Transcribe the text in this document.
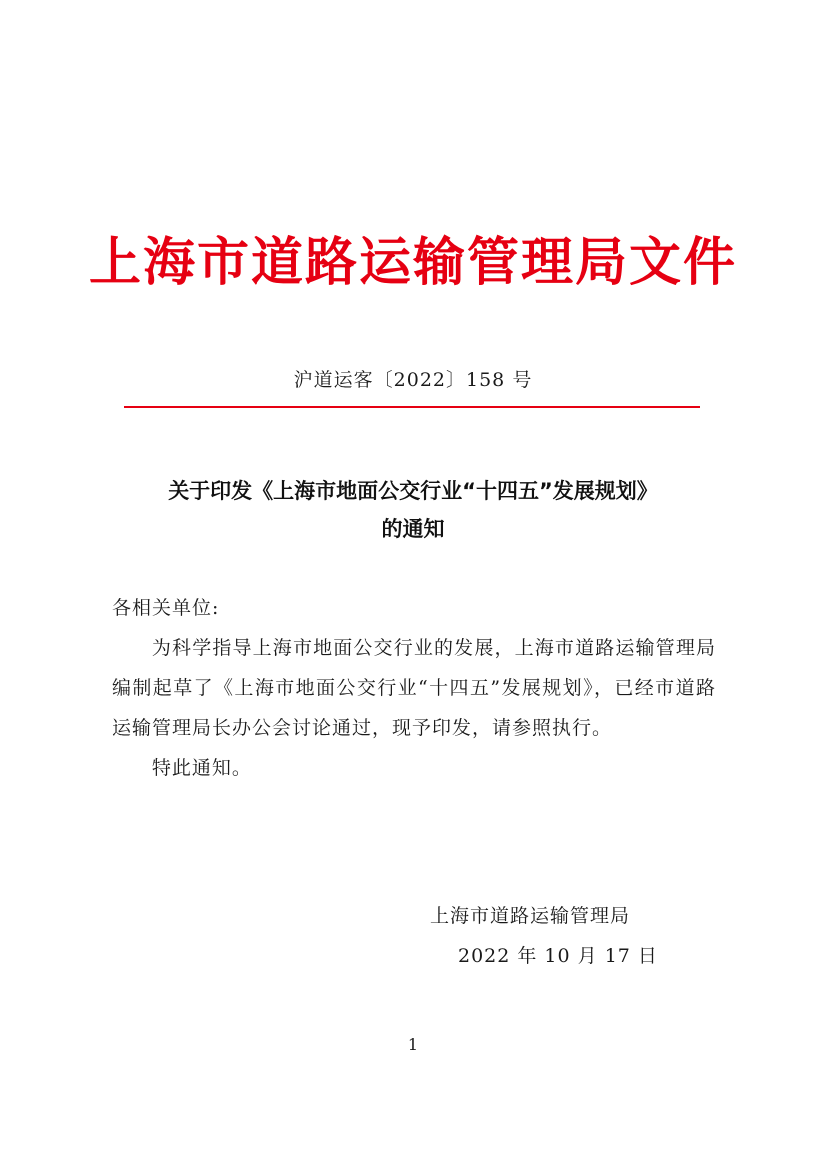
上海市道路运输管理局文件
沪道运客〔2022〕158 号
关于印发《上海市地面公交行业“十四五”发展规划》
的通知

各相关单位:

为科学指导上海市地面公交行业的发展，上海市道路运输管理局编制起草了《上海市地面公交行业“十四五”发展规划》，已经市道路运输管理局长办公会讨论通过，现予印发，请参照执行。

特此通知。

上海市道路运输管理局
2022 年 10 月 17 日
1
